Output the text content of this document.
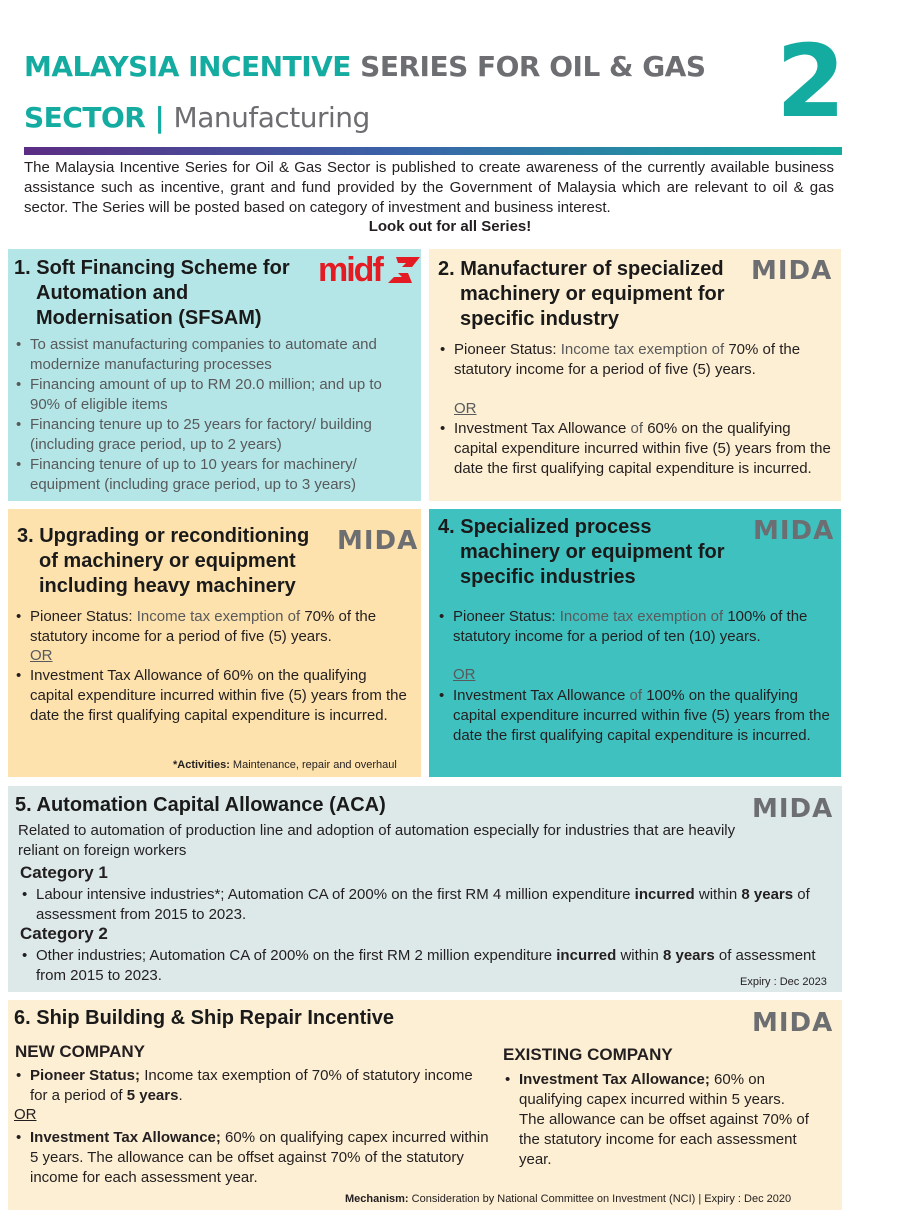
MALAYSIA INCENTIVE SERIES FOR OIL & GAS
SECTOR | Manufacturing	2
The Malaysia Incentive Series for Oil & Gas Sector is published to create awareness of the currently available business assistance such as incentive, grant and fund provided by the Government of Malaysia which are relevant to oil & gas sector. The Series will be posted based on category of investment and business interest.
Look out for all Series!
1. Soft Financing Scheme for
Automation and
Modernisation (SFSAM)
midf
• To assist manufacturing companies to automate and modernize manufacturing processes
• Financing amount of up to RM 20.0 million; and up to 90% of eligible items
• Financing tenure up to 25 years for factory/ building (including grace period, up to 2 years)
• Financing tenure of up to 10 years for machinery/ equipment (including grace period, up to 3 years)
2. Manufacturer of specialized
machinery or equipment for
specific industry
MIDA
• Pioneer Status: Income tax exemption of 70% of the statutory income for a period of five (5) years.
OR
• Investment Tax Allowance of 60% on the qualifying capital expenditure incurred within five (5) years from the date the first qualifying capital expenditure is incurred.
3. Upgrading or reconditioning
of machinery or equipment
including heavy machinery
MIDA
• Pioneer Status: Income tax exemption of 70% of the statutory income for a period of five (5) years.
OR
• Investment Tax Allowance of 60% on the qualifying capital expenditure incurred within five (5) years from the date the first qualifying capital expenditure is incurred.
*Activities: Maintenance, repair and overhaul
4. Specialized process
machinery or equipment for
specific industries
MIDA
• Pioneer Status: Income tax exemption of 100% of the statutory income for a period of ten (10) years.
OR
• Investment Tax Allowance of 100% on the qualifying capital expenditure incurred within five (5) years from the date the first qualifying capital expenditure is incurred.
5. Automation Capital Allowance (ACA)	MIDA
Related to automation of production line and adoption of automation especially for industries that are heavily reliant on foreign workers
Category 1
• Labour intensive industries*; Automation CA of 200% on the first RM 4 million expenditure incurred within 8 years of assessment from 2015 to 2023.
Category 2
• Other industries; Automation CA of 200% on the first RM 2 million expenditure incurred within 8 years of assessment from 2015 to 2023.	Expiry : Dec 2023
6. Ship Building & Ship Repair Incentive	MIDA
NEW COMPANY
• Pioneer Status; Income tax exemption of 70% of statutory income for a period of 5 years.
OR
• Investment Tax Allowance; 60% on qualifying capex incurred within 5 years. The allowance can be offset against 70% of the statutory income for each assessment year.
EXISTING COMPANY
• Investment Tax Allowance; 60% on qualifying capex incurred within 5 years. The allowance can be offset against 70% of the statutory income for each assessment year.
Mechanism: Consideration by National Committee on Investment (NCI) | Expiry : Dec 2020
